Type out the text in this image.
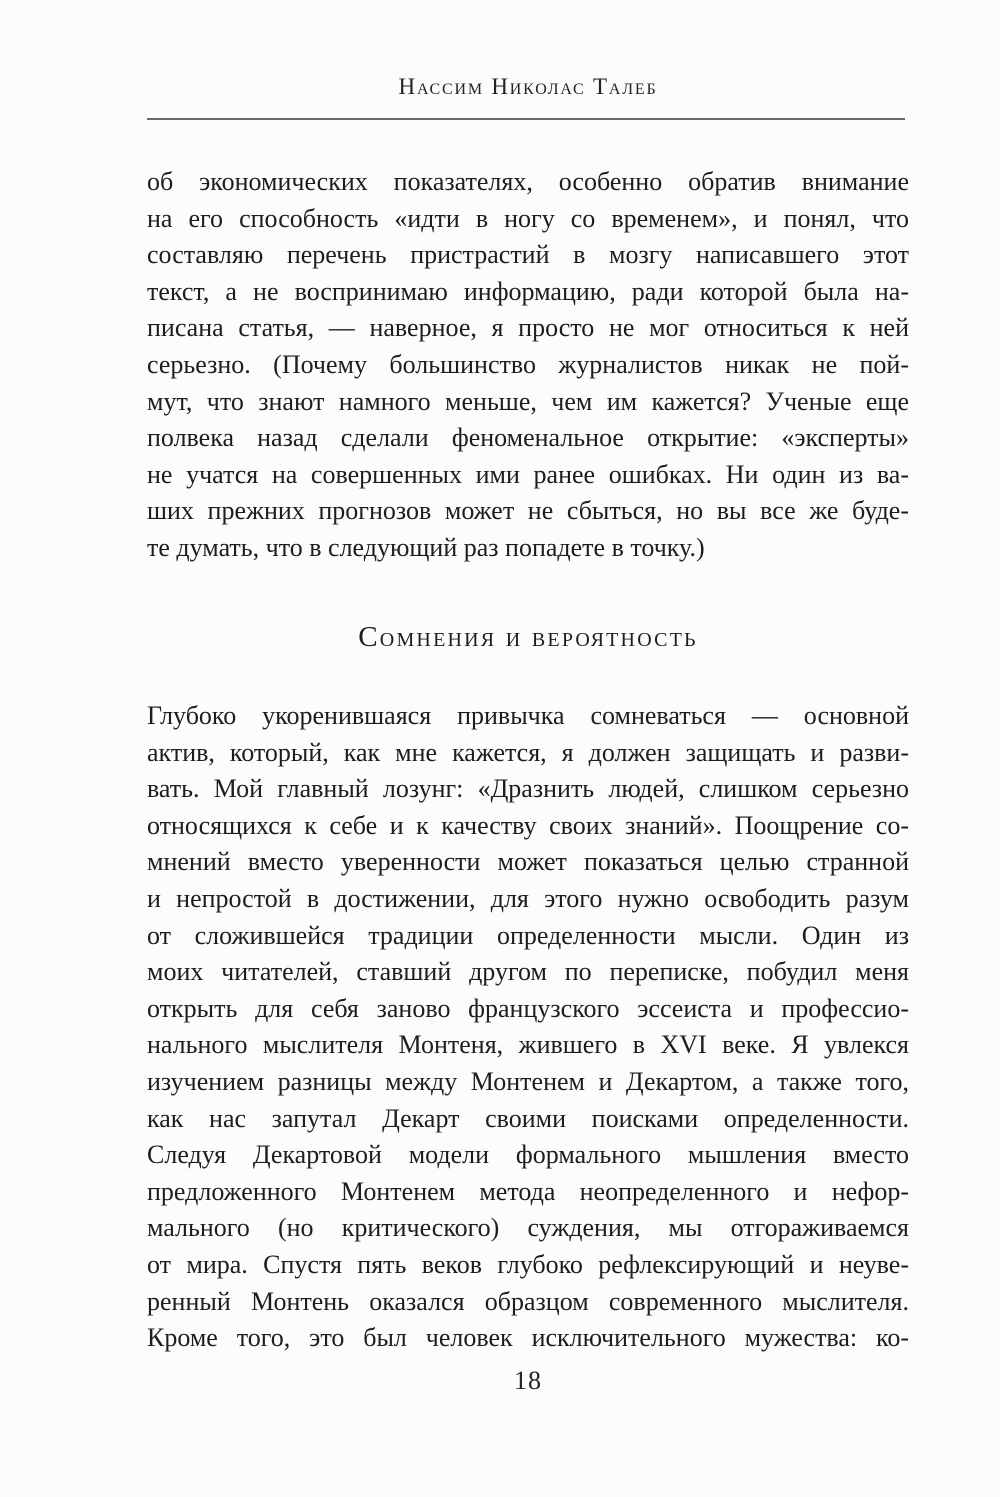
Нассим Николас Талеб
об экономических показателях, особенно обратив внимание
на его способность «идти в ногу со временем», и понял, что
составляю перечень пристрастий в мозгу написавшего этот
текст, а не воспринимаю информацию, ради которой была на-
писана статья, — наверное, я просто не мог относиться к ней
серьезно. (Почему большинство журналистов никак не пой-
мут, что знают намного меньше, чем им кажется? Ученые еще
полвека назад сделали феноменальное открытие: «эксперты»
не учатся на совершенных ими ранее ошибках. Ни один из ва-
ших прежних прогнозов может не сбыться, но вы все же буде-
те думать, что в следующий раз попадете в точку.)
Сомнения и вероятность
Глубоко укоренившаяся привычка сомневаться — основной
актив, который, как мне кажется, я должен защищать и разви-
вать. Мой главный лозунг: «Дразнить людей, слишком серьезно
относящихся к себе и к качеству своих знаний». Поощрение со-
мнений вместо уверенности может показаться целью странной
и непростой в достижении, для этого нужно освободить разум
от сложившейся традиции определенности мысли. Один из
моих читателей, ставший другом по переписке, побудил меня
открыть для себя заново французского эссеиста и профессио-
нального мыслителя Монтеня, жившего в XVI веке. Я увлекся
изучением разницы между Монтенем и Декартом, а также того,
как нас запутал Декарт своими поисками определенности.
Следуя Декартовой модели формального мышления вместо
предложенного Монтенем метода неопределенного и нефор-
мального (но критического) суждения, мы отгораживаемся
от мира. Спустя пять веков глубоко рефлексирующий и неуве-
ренный Монтень оказался образцом современного мыслителя.
Кроме того, это был человек исключительного мужества: ко-
18
